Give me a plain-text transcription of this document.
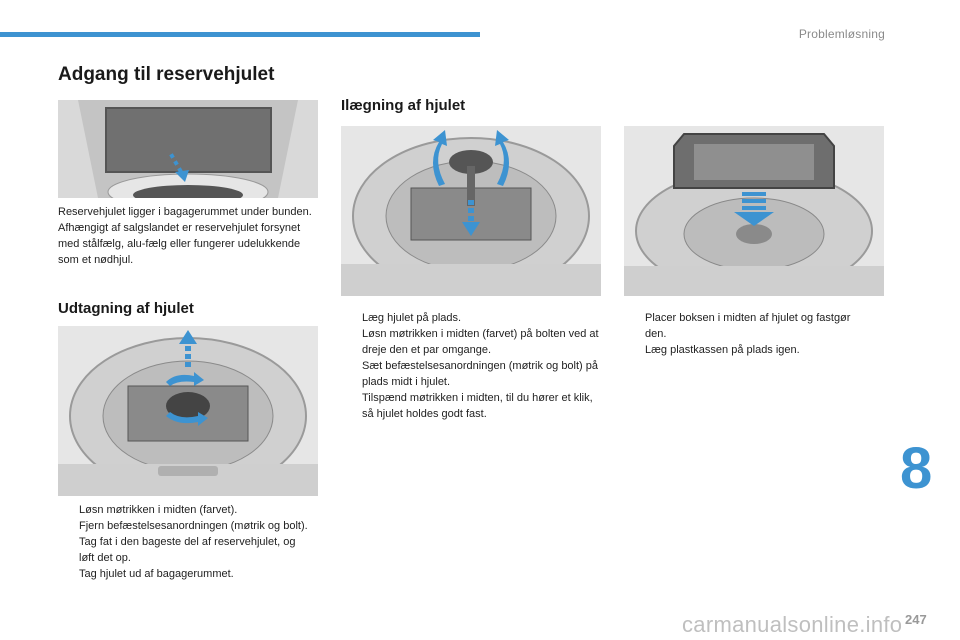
Problemløsning
Adgang til reservehjulet

Reservehjulet ligger i bagagerummet under bunden.

Afhængigt af salgslandet er reservehjulet forsynet med stålfælg, alu-fælg eller fungerer udelukkende som et nødhjul.

Udtagning af hjulet
Løsn møtrikken i midten (farvet).
Fjern befæstelsesanordningen (møtrik og bolt).
Tag fat i den bageste del af reservehjulet, og løft det op.
Tag hjulet ud af bagagerummet.
Ilægning af hjulet
Læg hjulet på plads.
Løsn møtrikken i midten (farvet) på bolten ved at dreje den et par omgange.
Sæt befæstelsesanordningen (møtrik og bolt) på plads midt i hjulet.
Tilspænd møtrikken i midten, til du hører et klik, så hjulet holdes godt fast.
Placer boksen i midten af hjulet og fastgør den.
Læg plastkassen på plads igen.
8
carmanualsonline.info 247
